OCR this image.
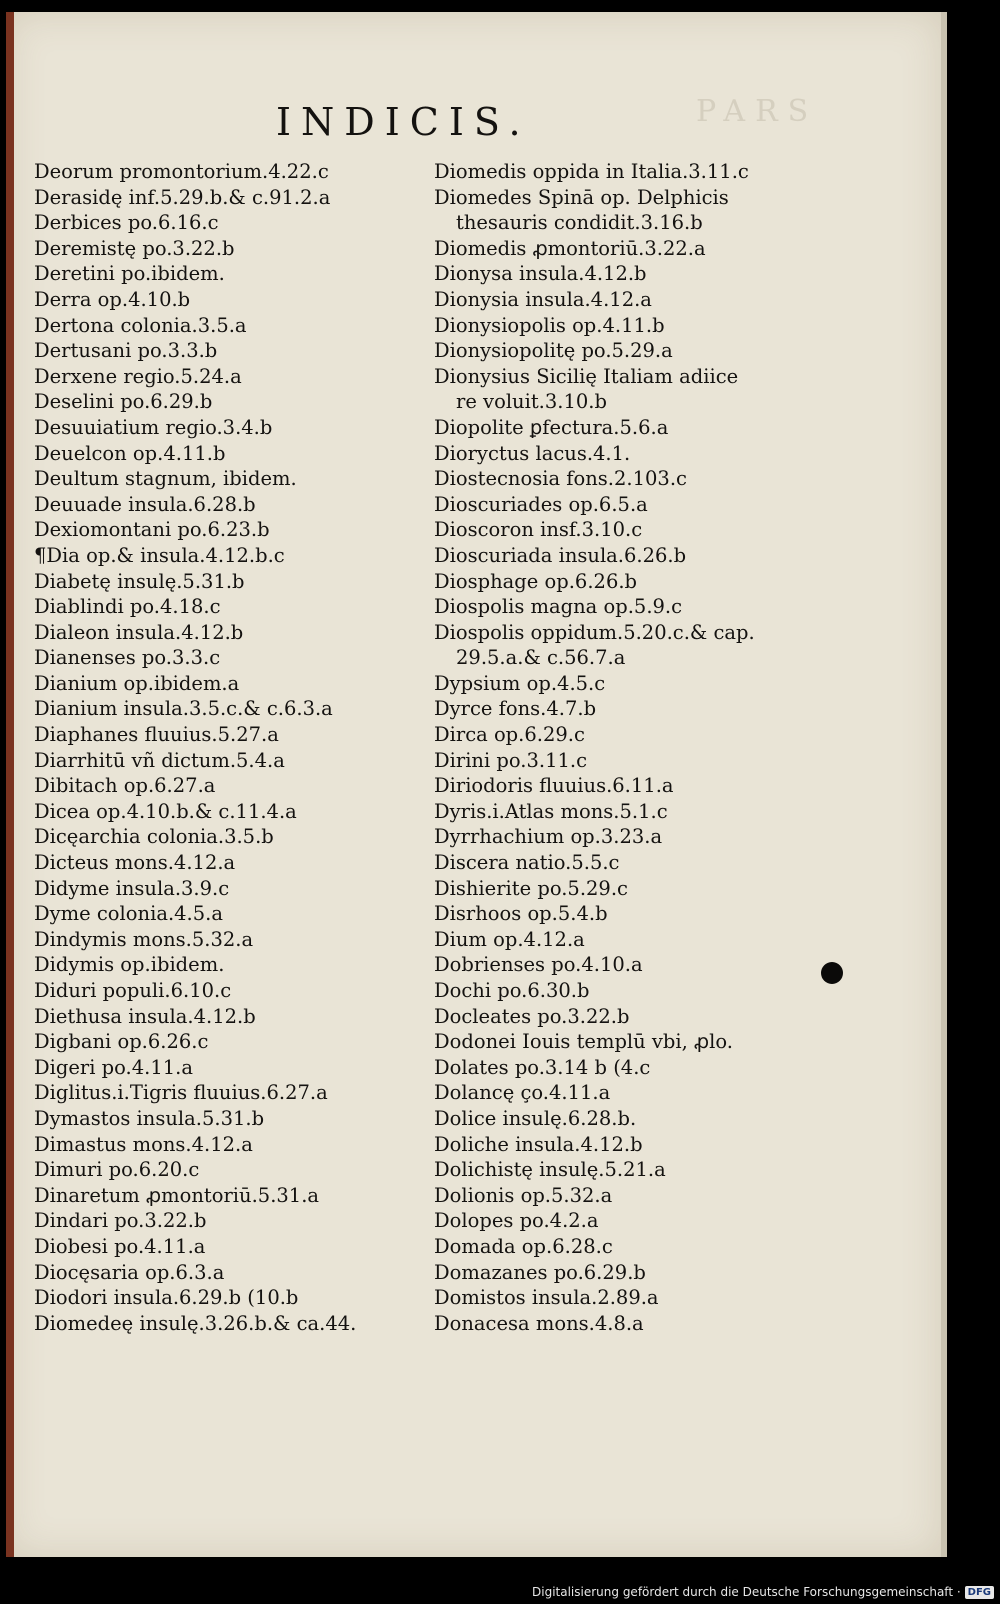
PARS
INDICIS.
Deorum promontorium.4.22.c
Derasidę inf.5.29.b.& c.91.2.a
Derbices po.6.16.c
Deremistę po.3.22.b
Deretini po.ibidem.
Derra op.4.10.b
Dertona colonia.3.5.a
Dertusani po.3.3.b
Derxene regio.5.24.a
Deselini po.6.29.b
Desuuiatium regio.3.4.b
Deuelcon op.4.11.b
Deultum stagnum, ibidem.
Deuuade insula.6.28.b
Dexiomontani po.6.23.b
¶Dia op.& insula.4.12.b.c
Diabetę insulę.5.31.b
Diablindi po.4.18.c
Dialeon insula.4.12.b
Dianenses po.3.3.c
Dianium op.ibidem.a
Dianium insula.3.5.c.& c.6.3.a
Diaphanes fluuius.5.27.a
Diarrhitū vñ dictum.5.4.a
Dibitach op.6.27.a
Dicea op.4.10.b.& c.11.4.a
Dicęarchia colonia.3.5.b
Dicteus mons.4.12.a
Didyme insula.3.9.c
Dyme colonia.4.5.a
Dindymis mons.5.32.a
Didymis op.ibidem.
Diduri populi.6.10.c
Diethusa insula.4.12.b
Digbani op.6.26.c
Digeri po.4.11.a
Diglitus.i.Tigris fluuius.6.27.a
Dymastos insula.5.31.b
Dimastus mons.4.12.a
Dimuri po.6.20.c
Dinaretum ꝓmontoriū.5.31.a
Dindari po.3.22.b
Diobesi po.4.11.a
Diocęsaria op.6.3.a
Diodori insula.6.29.b (10.b
Diomedeę insulę.3.26.b.& ca.44.
Diomedis oppida in Italia.3.11.c
Diomedes Spinā op. Delphicis
thesauris condidit.3.16.b
Diomedis ꝓmontoriū.3.22.a
Dionysa insula.4.12.b
Dionysia insula.4.12.a
Dionysiopolis op.4.11.b
Dionysiopolitę po.5.29.a
Dionysius Sicilię Italiam adiice
re voluit.3.10.b
Diopolite ꝑfectura.5.6.a
Dioryctus lacus.4.1.
Diostecnosia fons.2.103.c
Dioscuriades op.6.5.a
Dioscoron insf.3.10.c
Dioscuriada insula.6.26.b
Diosphage op.6.26.b
Diospolis magna op.5.9.c
Diospolis oppidum.5.20.c.& cap.
29.5.a.& c.56.7.a
Dypsium op.4.5.c
Dyrce fons.4.7.b
Dirca op.6.29.c
Dirini po.3.11.c
Diriodoris fluuius.6.11.a
Dyris.i.Atlas mons.5.1.c
Dyrrhachium op.3.23.a
Discera natio.5.5.c
Dishierite po.5.29.c
Disrhoos op.5.4.b
Dium op.4.12.a
Dobrienses po.4.10.a
Dochi po.6.30.b
Docleates po.3.22.b
Dodonei Iouis templū vbi, ꝓlo.
Dolates po.3.14 b (4.c
Dolancę ço.4.11.a
Dolice insulę.6.28.b.
Doliche insula.4.12.b
Dolichistę insulę.5.21.a
Dolionis op.5.32.a
Dolopes po.4.2.a
Domada op.6.28.c
Domazanes po.6.29.b
Domistos insula.2.89.a
Donacesa mons.4.8.a
Digitalisierung gefördert durch die Deutsche Forschungsgemeinschaft · DFG
